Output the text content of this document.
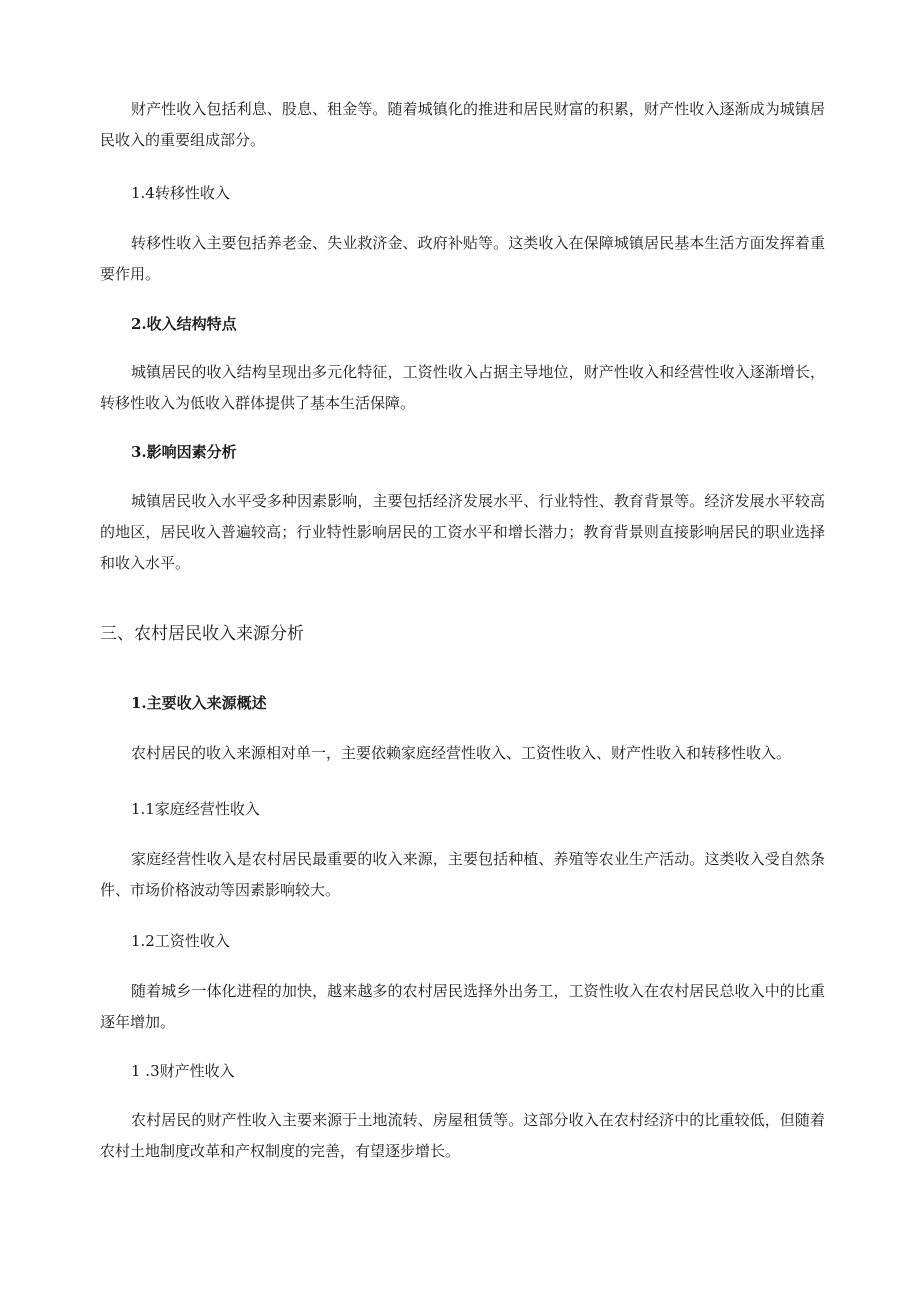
财产性收入包括利息、股息、租金等。随着城镇化的推进和居民财富的积累，财产性收入逐渐成为城镇居民收入的重要组成部分。

1.4转移性收入

转移性收入主要包括养老金、失业救济金、政府补贴等。这类收入在保障城镇居民基本生活方面发挥着重要作用。

2.收入结构特点

城镇居民的收入结构呈现出多元化特征，工资性收入占据主导地位，财产性收入和经营性收入逐渐增长，转移性收入为低收入群体提供了基本生活保障。

3.影响因素分析

城镇居民收入水平受多种因素影响，主要包括经济发展水平、行业特性、教育背景等。经济发展水平较高的地区，居民收入普遍较高；行业特性影响居民的工资水平和增长潜力；教育背景则直接影响居民的职业选择和收入水平。

三、农村居民收入来源分析

1.主要收入来源概述

农村居民的收入来源相对单一，主要依赖家庭经营性收入、工资性收入、财产性收入和转移性收入。

1.1家庭经营性收入

家庭经营性收入是农村居民最重要的收入来源，主要包括种植、养殖等农业生产活动。这类收入受自然条件、市场价格波动等因素影响较大。

1.2工资性收入

随着城乡一体化进程的加快，越来越多的农村居民选择外出务工，工资性收入在农村居民总收入中的比重逐年增加。

1 .3财产性收入

农村居民的财产性收入主要来源于土地流转、房屋租赁等。这部分收入在农村经济中的比重较低，但随着农村土地制度改革和产权制度的完善，有望逐步增长。
